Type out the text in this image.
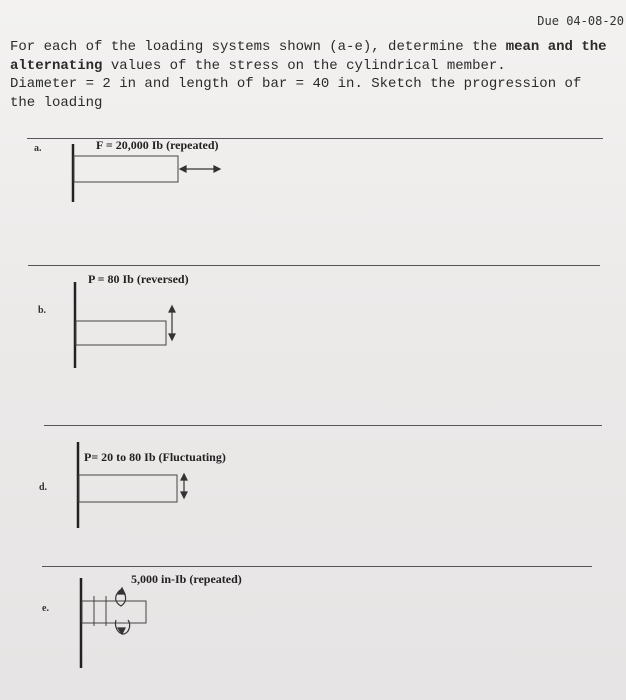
Due 04-08-20
For each of the loading systems shown (a-e), determine the mean and the alternating values of the stress on the cylindrical member.
Diameter = 2 in and length of bar = 40 in. Sketch the progression of
the loading
a.	F = 20,000 Ib (repeated)
P = 80 Ib (reversed)
b.
P= 20 to 80 Ib (Fluctuating)
d.
5,000 in-Ib (repeated)
e.
